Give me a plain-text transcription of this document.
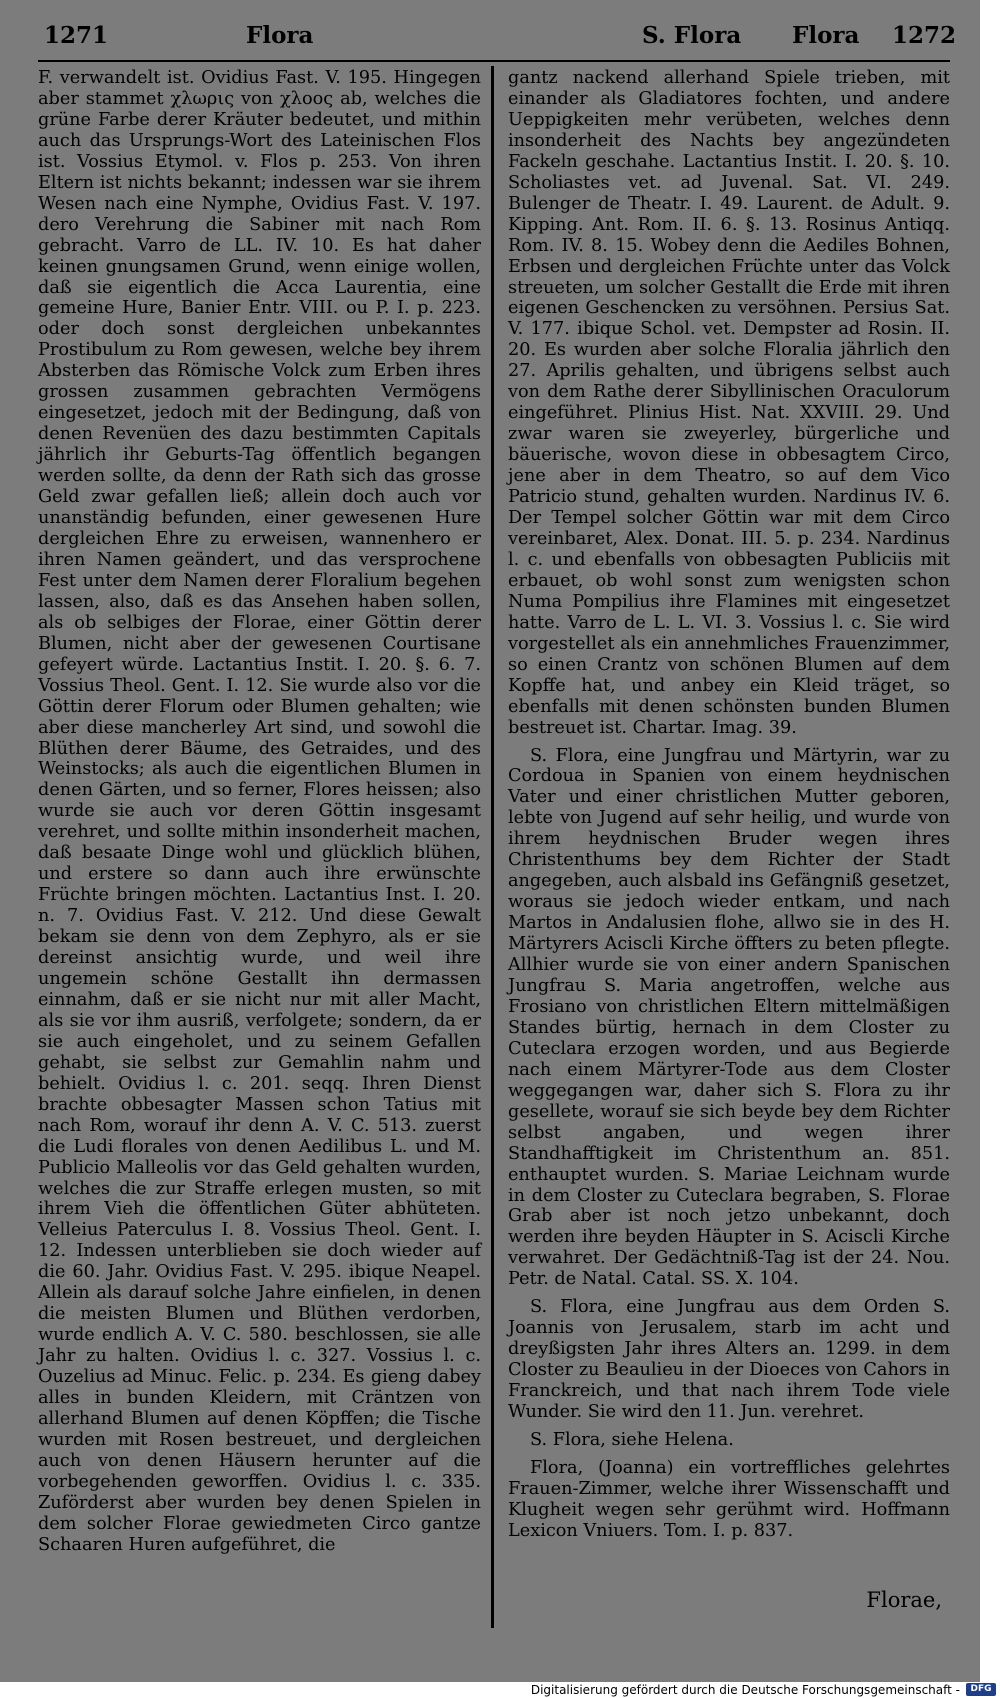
1271	Flora	S. Flora Flora 1272

F. verwandelt ist. Ovidius Fast. V. 195. Hingegen aber stammet χλωρις von χλοος ab, welches die grüne Farbe derer Kräuter bedeutet, und mithin auch das Ursprungs-Wort des Lateinischen Flos ist. Vossius Etymol. v. Flos p. 253. Von ihren Eltern ist nichts bekannt; indessen war sie ihrem Wesen nach eine Nymphe, Ovidius Fast. V. 197. dero Verehrung die Sabiner mit nach Rom gebracht. Varro de LL. IV. 10. Es hat daher keinen gnungsamen Grund, wenn einige wollen, daß sie eigentlich die Acca Laurentia, eine gemeine Hure, Banier Entr. VIII. ou P. I. p. 223. oder doch sonst dergleichen unbekanntes Prostibulum zu Rom gewesen, welche bey ihrem Absterben das Römische Volck zum Erben ihres grossen zusammen gebrachten Vermögens eingesetzet, jedoch mit der Bedingung, daß von denen Revenüen des dazu bestimmten Capitals jährlich ihr Geburts-Tag öffentlich begangen werden sollte, da denn der Rath sich das grosse Geld zwar gefallen ließ; allein doch auch vor unanständig befunden, einer gewesenen Hure dergleichen Ehre zu erweisen, wannenhero er ihren Namen geändert, und das versprochene Fest unter dem Namen derer Floralium begehen lassen, also, daß es das Ansehen haben sollen, als ob selbiges der Florae, einer Göttin derer Blumen, nicht aber der gewesenen Courtisane gefeyert würde. Lactantius Instit. I. 20. §. 6. 7. Vossius Theol. Gent. I. 12. Sie wurde also vor die Göttin derer Florum oder Blumen gehalten; wie aber diese mancherley Art sind, und sowohl die Blüthen derer Bäume, des Getraides, und des Weinstocks; als auch die eigentlichen Blumen in denen Gärten, und so ferner, Flores heissen; also wurde sie auch vor deren Göttin insgesamt verehret, und sollte mithin insonderheit machen, daß besaate Dinge wohl und glücklich blühen, und erstere so dann auch ihre erwünschte Früchte bringen möchten. Lactantius Inst. I. 20. n. 7. Ovidius Fast. V. 212. Und diese Gewalt bekam sie denn von dem Zephyro, als er sie dereinst ansichtig wurde, und weil ihre ungemein schöne Gestallt ihn dermassen einnahm, daß er sie nicht nur mit aller Macht, als sie vor ihm ausriß, verfolgete; sondern, da er sie auch eingeholet, und zu seinem Gefallen gehabt, sie selbst zur Gemahlin nahm und behielt. Ovidius l. c. 201. seqq. Ihren Dienst brachte obbesagter Massen schon Tatius mit nach Rom, worauf ihr denn A. V. C. 513. zuerst die Ludi florales von denen Aedilibus L. und M. Publicio Malleolis vor das Geld gehalten wurden, welches die zur Straffe erlegen musten, so mit ihrem Vieh die öffentlichen Güter abhüteten. Velleius Paterculus I. 8. Vossius Theol. Gent. I. 12. Indessen unterblieben sie doch wieder auf die 60. Jahr. Ovidius Fast. V. 295. ibique Neapel. Allein als darauf solche Jahre einfielen, in denen die meisten Blumen und Blüthen verdorben, wurde endlich A. V. C. 580. beschlossen, sie alle Jahr zu halten. Ovidius l. c. 327. Vossius l. c. Ouzelius ad Minuc. Felic. p. 234. Es gieng dabey alles in bunden Kleidern, mit Cräntzen von allerhand Blumen auf denen Köpffen; die Tische wurden mit Rosen bestreuet, und dergleichen auch von denen Häusern herunter auf die vorbegehenden geworffen. Ovidius l. c. 335. Zuförderst aber wurden bey denen Spielen in dem solcher Florae gewiedmeten Circo gantze Schaaren Huren aufgeführet, die

gantz nackend allerhand Spiele trieben, mit einander als Gladiatores fochten, und andere Ueppigkeiten mehr verübeten, welches denn insonderheit des Nachts bey angezündeten Fackeln geschahe. Lactantius Instit. I. 20. §. 10. Scholiastes vet. ad Juvenal. Sat. VI. 249. Bulenger de Theatr. I. 49. Laurent. de Adult. 9. Kipping. Ant. Rom. II. 6. §. 13. Rosinus Antiqq. Rom. IV. 8. 15. Wobey denn die Aediles Bohnen, Erbsen und dergleichen Früchte unter das Volck streueten, um solcher Gestallt die Erde mit ihren eigenen Geschencken zu versöhnen. Persius Sat. V. 177. ibique Schol. vet. Dempster ad Rosin. II. 20. Es wurden aber solche Floralia jährlich den 27. Aprilis gehalten, und übrigens selbst auch von dem Rathe derer Sibyllinischen Oraculorum eingeführet. Plinius Hist. Nat. XXVIII. 29. Und zwar waren sie zweyerley, bürgerliche und bäuerische, wovon diese in obbesagtem Circo, jene aber in dem Theatro, so auf dem Vico Patricio stund, gehalten wurden. Nardinus IV. 6. Der Tempel solcher Göttin war mit dem Circo vereinbaret, Alex. Donat. III. 5. p. 234. Nardinus l. c. und ebenfalls von obbesagten Publiciis mit erbauet, ob wohl sonst zum wenigsten schon Numa Pompilius ihre Flamines mit eingesetzet hatte. Varro de L. L. VI. 3. Vossius l. c. Sie wird vorgestellet als ein annehmliches Frauenzimmer, so einen Crantz von schönen Blumen auf dem Kopffe hat, und anbey ein Kleid träget, so ebenfalls mit denen schönsten bunden Blumen bestreuet ist. Chartar. Imag. 39.

S. Flora, eine Jungfrau und Märtyrin, war zu Cordoua in Spanien von einem heydnischen Vater und einer christlichen Mutter geboren, lebte von Jugend auf sehr heilig, und wurde von ihrem heydnischen Bruder wegen ihres Christenthums bey dem Richter der Stadt angegeben, auch alsbald ins Gefängniß gesetzet, woraus sie jedoch wieder entkam, und nach Martos in Andalusien flohe, allwo sie in des H. Märtyrers Aciscli Kirche öffters zu beten pflegte. Allhier wurde sie von einer andern Spanischen Jungfrau S. Maria angetroffen, welche aus Frosiano von christlichen Eltern mittelmäßigen Standes bürtig, hernach in dem Closter zu Cuteclara erzogen worden, und aus Begierde nach einem Märtyrer-Tode aus dem Closter weggegangen war, daher sich S. Flora zu ihr gesellete, worauf sie sich beyde bey dem Richter selbst angaben, und wegen ihrer Standhafftigkeit im Christenthum an. 851. enthauptet wurden. S. Mariae Leichnam wurde in dem Closter zu Cuteclara begraben, S. Florae Grab aber ist noch jetzo unbekannt, doch werden ihre beyden Häupter in S. Aciscli Kirche verwahret. Der Gedächtniß-Tag ist der 24. Nou. Petr. de Natal. Catal. SS. X. 104.

S. Flora, eine Jungfrau aus dem Orden S. Joannis von Jerusalem, starb im acht und dreyßigsten Jahr ihres Alters an. 1299. in dem Closter zu Beaulieu in der Dioeces von Cahors in Franckreich, und that nach ihrem Tode viele Wunder. Sie wird den 11. Jun. verehret.

S. Flora, siehe Helena.

Flora, (Joanna) ein vortreffliches gelehrtes Frauen-Zimmer, welche ihrer Wissenschafft und Klugheit wegen sehr gerühmt wird. Hoffmann Lexicon Vniuers. Tom. I. p. 837.

Florae,
Digitalisierung gefördert durch die Deutsche Forschungsgemeinschaft -	DFG
